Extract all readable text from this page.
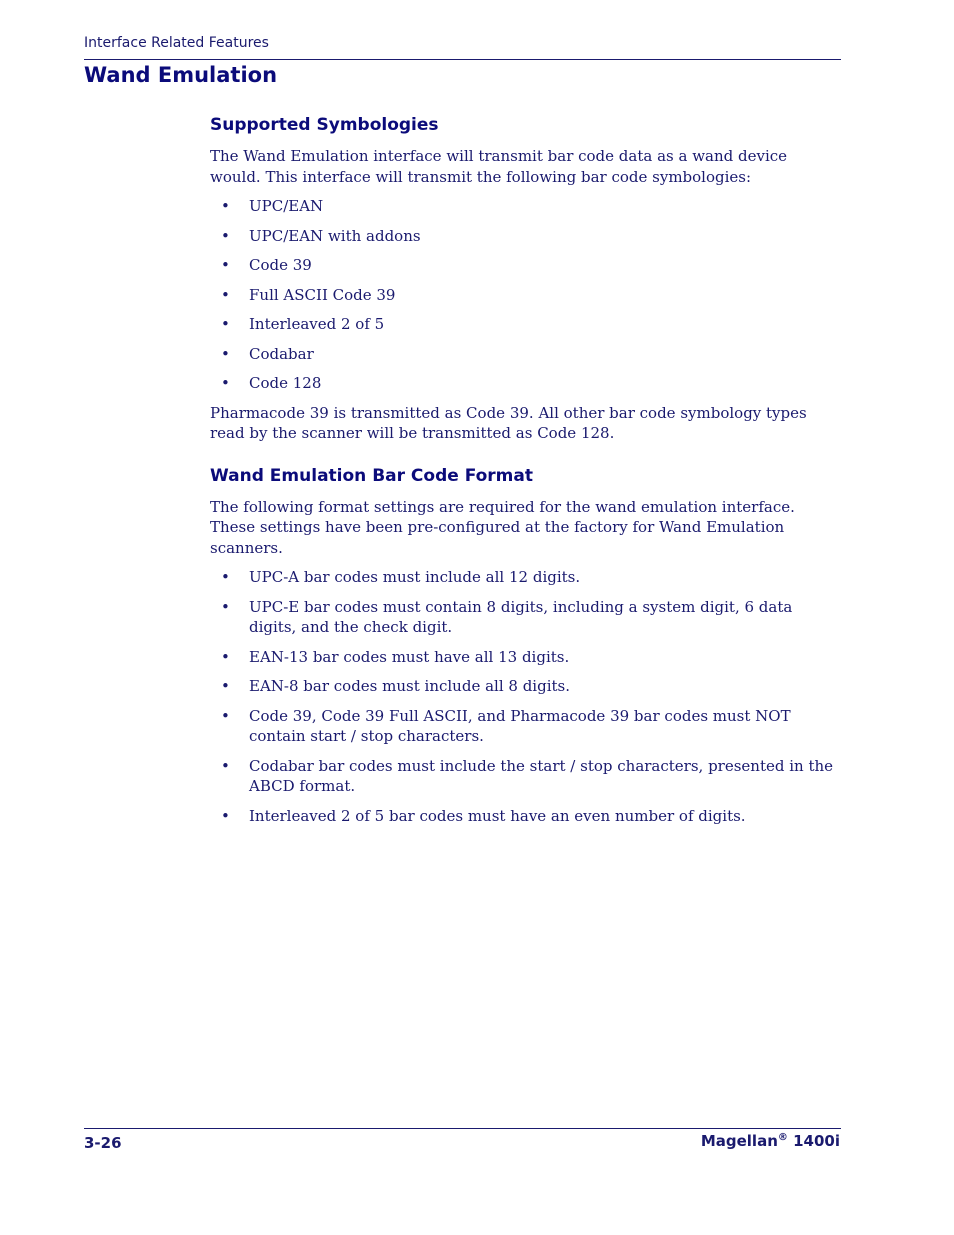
Interface Related Features
Wand Emulation
Supported Symbologies

The Wand Emulation interface will transmit bar code data as a wand device would. This interface will transmit the following bar code symbologies:

• UPC/EAN
• UPC/EAN with addons
• Code 39
• Full ASCII Code 39
• Interleaved 2 of 5
• Codabar
• Code 128

Pharmacode 39 is transmitted as Code 39. All other bar code symbology types read by the scanner will be transmitted as Code 128.

Wand Emulation Bar Code Format

The following format settings are required for the wand emulation interface. These settings have been pre-configured at the factory for Wand Emulation scanners.

• UPC-A bar codes must include all 12 digits.
• UPC-E bar codes must contain 8 digits, including a system digit, 6 data digits, and the check digit.
• EAN-13 bar codes must have all 13 digits.
• EAN-8 bar codes must include all 8 digits.
• Code 39, Code 39 Full ASCII, and Pharmacode 39 bar codes must NOT contain start / stop characters.
• Codabar bar codes must include the start / stop characters, presented in the ABCD format.
• Interleaved 2 of 5 bar codes must have an even number of digits.
3-26	Magellan® 1400i
